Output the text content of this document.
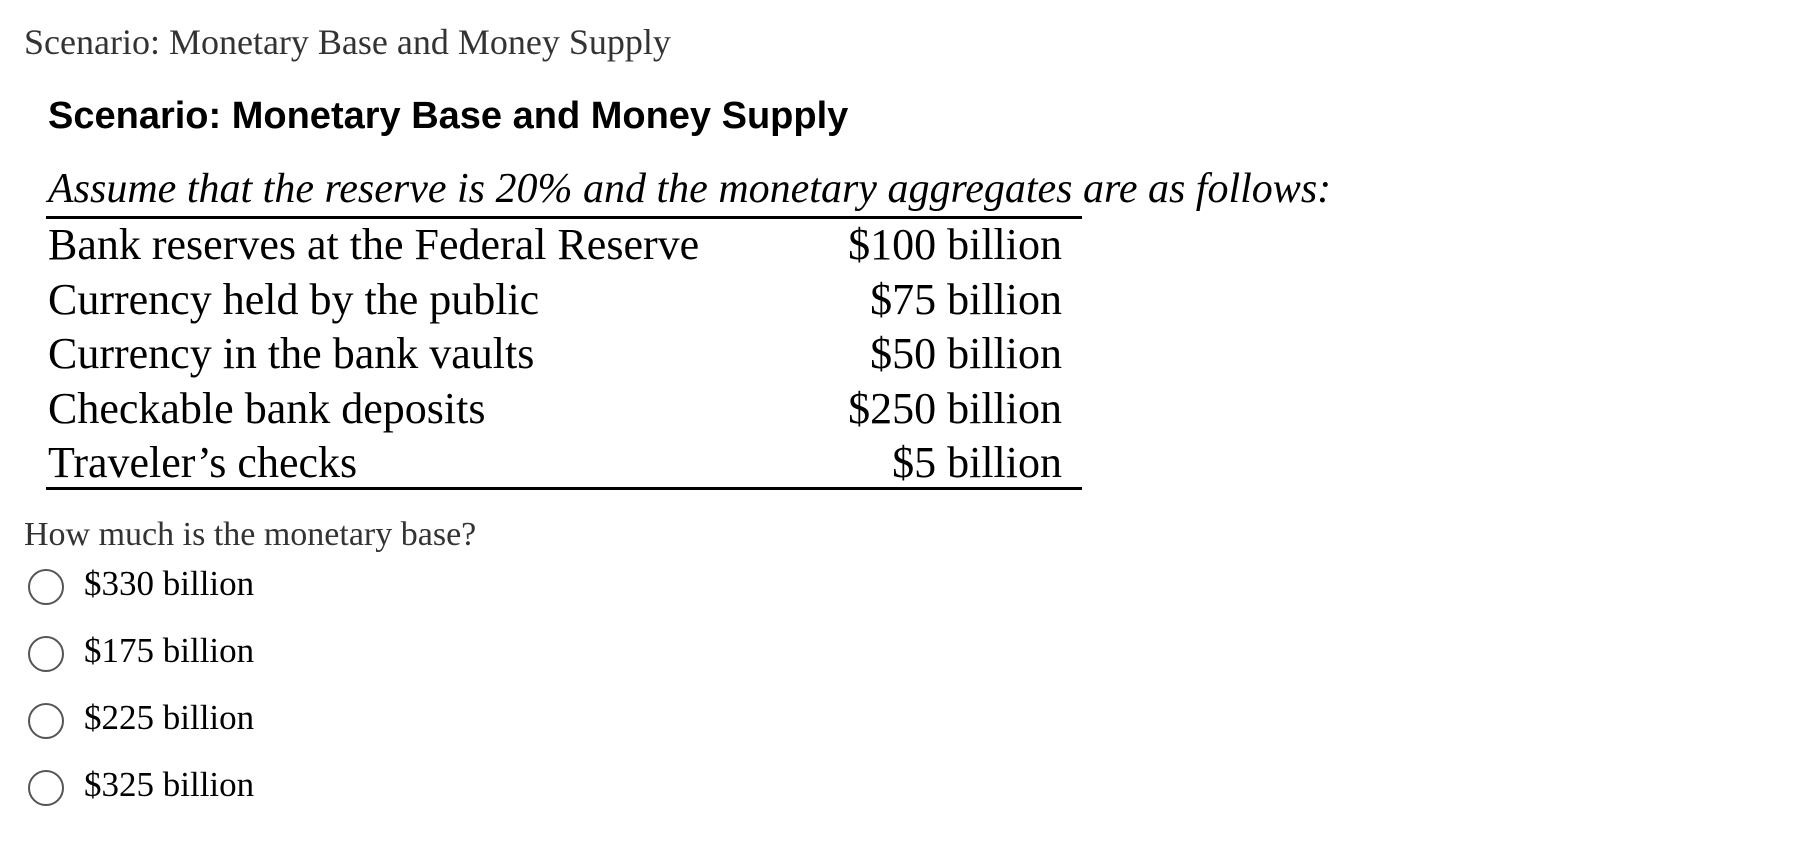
Scenario: Monetary Base and Money Supply
Scenario: Monetary Base and Money Supply
Assume that the reserve is 20% and the monetary aggregates are as follows:
Bank reserves at the Federal Reserve	$100 billion
Currency held by the public	$75 billion
Currency in the bank vaults	$50 billion
Checkable bank deposits	$250 billion
Traveler’s checks	$5 billion
How much is the monetary base?
$330 billion
$175 billion
$225 billion
$325 billion
